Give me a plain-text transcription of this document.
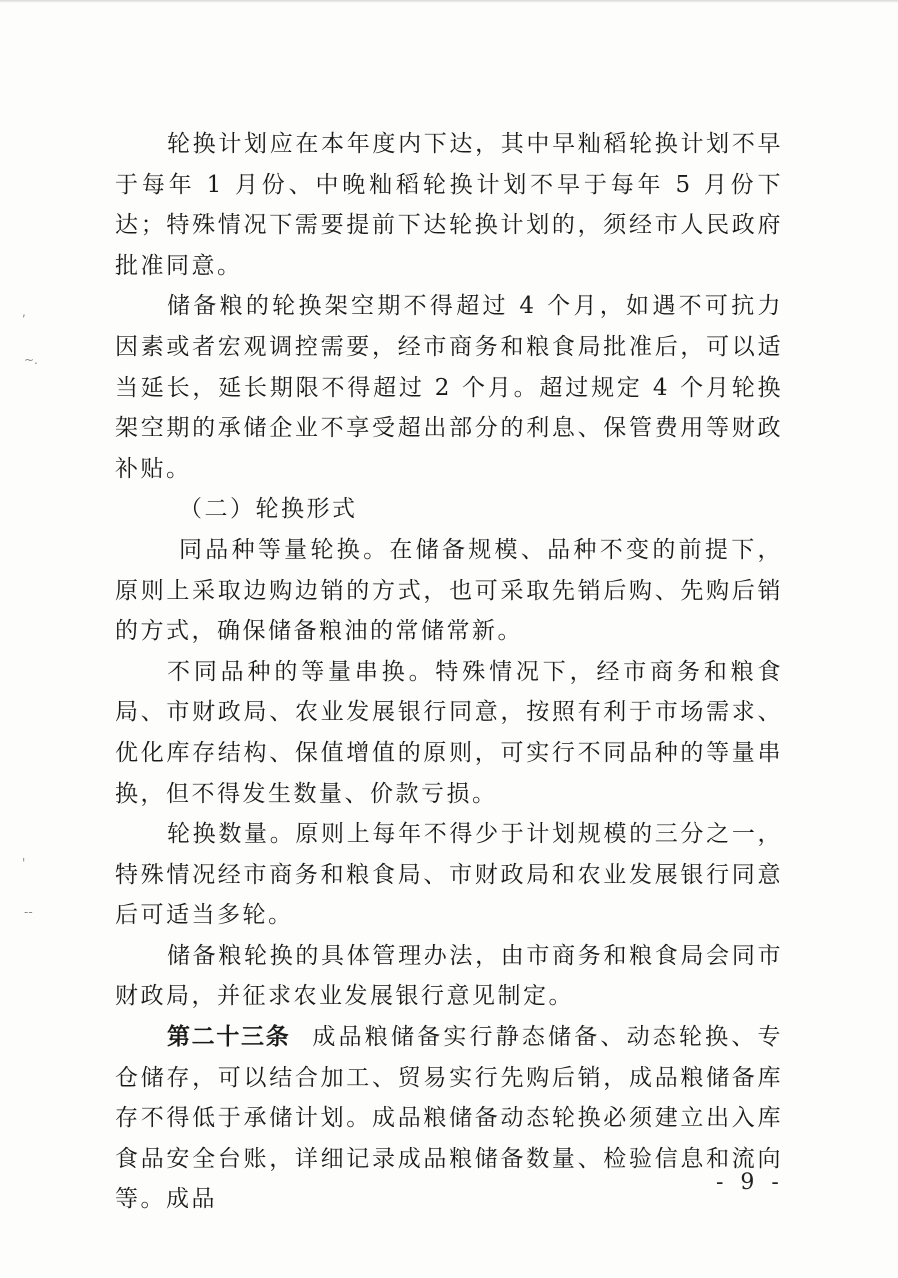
,
~.
'
--

轮换计划应在本年度内下达，其中早籼稻轮换计划不早于每年 1 月份、中晚籼稻轮换计划不早于每年 5 月份下达；特殊情况下需要提前下达轮换计划的，须经市人民政府批准同意。

储备粮的轮换架空期不得超过 4 个月，如遇不可抗力因素或者宏观调控需要，经市商务和粮食局批准后，可以适当延长，延长期限不得超过 2 个月。超过规定 4 个月轮换架空期的承储企业不享受超出部分的利息、保管费用等财政补贴。

（二）轮换形式

同品种等量轮换。在储备规模、品种不变的前提下，原则上采取边购边销的方式，也可采取先销后购、先购后销的方式，确保储备粮油的常储常新。

不同品种的等量串换。特殊情况下，经市商务和粮食局、市财政局、农业发展银行同意，按照有利于市场需求、优化库存结构、保值增值的原则，可实行不同品种的等量串换，但不得发生数量、价款亏损。

轮换数量。原则上每年不得少于计划规模的三分之一，特殊情况经市商务和粮食局、市财政局和农业发展银行同意后可适当多轮。

储备粮轮换的具体管理办法，由市商务和粮食局会同市财政局，并征求农业发展银行意见制定。

第二十三条 成品粮储备实行静态储备、动态轮换、专仓储存，可以结合加工、贸易实行先购后销，成品粮储备库存不得低于承储计划。成品粮储备动态轮换必须建立出入库食品安全台账，详细记录成品粮储备数量、检验信息和流向等。成品

- 9 -
